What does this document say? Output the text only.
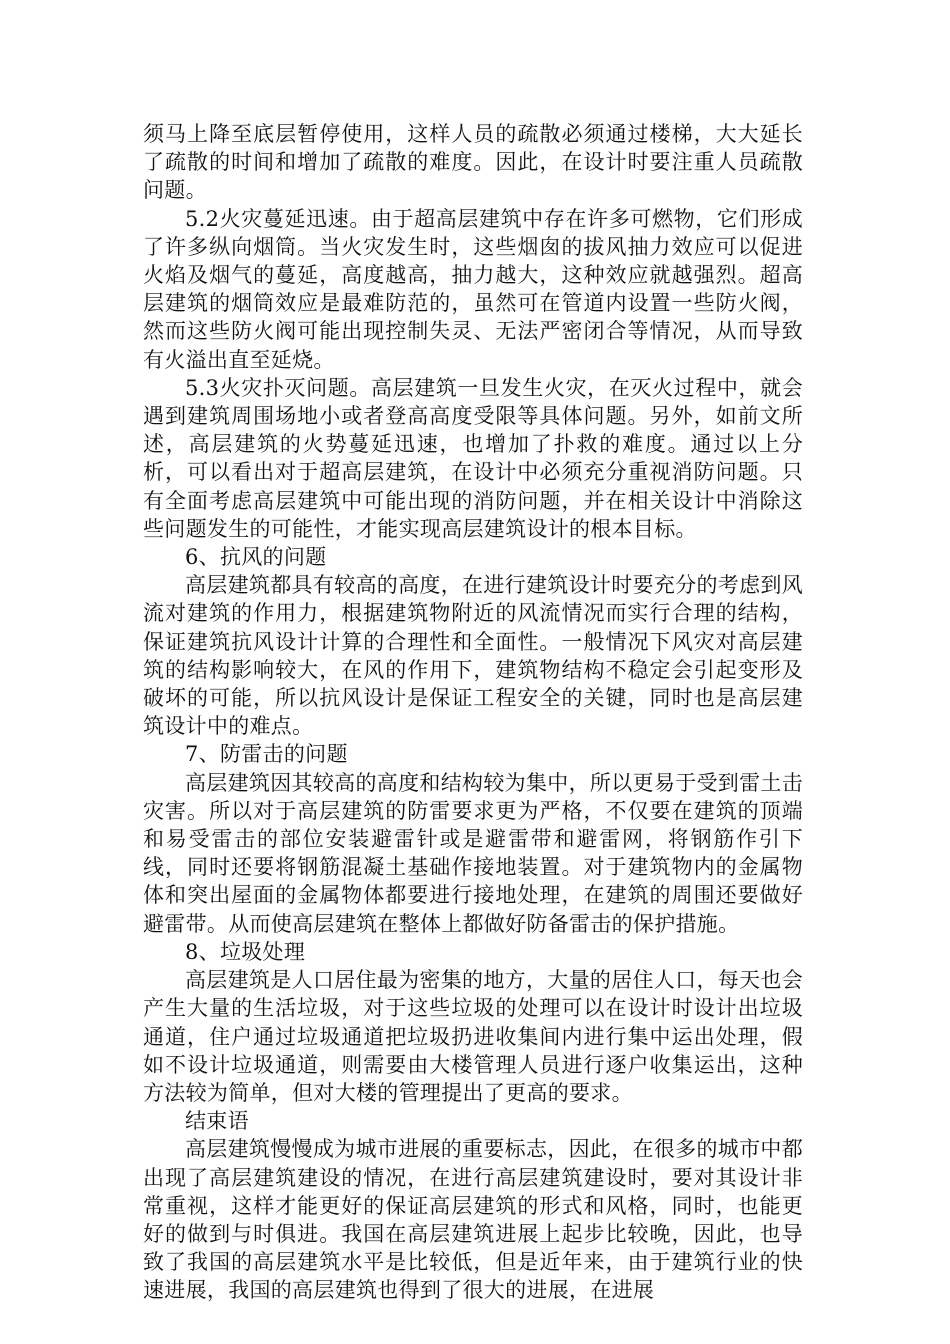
须马上降至底层暂停使用，这样人员的疏散必须通过楼梯，大大延长了疏散的时间和增加了疏散的难度。因此，在设计时要注重人员疏散问题。

5.2火灾蔓延迅速。由于超高层建筑中存在许多可燃物，它们形成了许多纵向烟筒。当火灾发生时，这些烟囱的拔风抽力效应可以促进火焰及烟气的蔓延，高度越高，抽力越大，这种效应就越强烈。超高层建筑的烟筒效应是最难防范的，虽然可在管道内设置一些防火阀，然而这些防火阀可能出现控制失灵、无法严密闭合等情况，从而导致有火溢出直至延烧。

5.3火灾扑灭问题。高层建筑一旦发生火灾，在灭火过程中，就会遇到建筑周围场地小或者登高高度受限等具体问题。另外，如前文所述，高层建筑的火势蔓延迅速，也增加了扑救的难度。通过以上分析，可以看出对于超高层建筑，在设计中必须充分重视消防问题。只有全面考虑高层建筑中可能出现的消防问题，并在相关设计中消除这些问题发生的可能性，才能实现高层建筑设计的根本目标。

6、抗风的问题

高层建筑都具有较高的高度，在进行建筑设计时要充分的考虑到风流对建筑的作用力，根据建筑物附近的风流情况而实行合理的结构，保证建筑抗风设计计算的合理性和全面性。一般情况下风灾对高层建筑的结构影响较大，在风的作用下，建筑物结构不稳定会引起变形及破坏的可能，所以抗风设计是保证工程安全的关键，同时也是高层建筑设计中的难点。

7、防雷击的问题

高层建筑因其较高的高度和结构较为集中，所以更易于受到雷土击灾害。所以对于高层建筑的防雷要求更为严格，不仅要在建筑的顶端和易受雷击的部位安装避雷针或是避雷带和避雷网，将钢筋作引下线，同时还要将钢筋混凝土基础作接地装置。对于建筑物内的金属物体和突出屋面的金属物体都要进行接地处理，在建筑的周围还要做好避雷带。从而使高层建筑在整体上都做好防备雷击的保护措施。

8、垃圾处理

高层建筑是人口居住最为密集的地方，大量的居住人口，每天也会产生大量的生活垃圾，对于这些垃圾的处理可以在设计时设计出垃圾通道，住户通过垃圾通道把垃圾扔进收集间内进行集中运出处理，假如不设计垃圾通道，则需要由大楼管理人员进行逐户收集运出，这种方法较为简单，但对大楼的管理提出了更高的要求。

结束语

高层建筑慢慢成为城市进展的重要标志，因此，在很多的城市中都出现了高层建筑建设的情况，在进行高层建筑建设时，要对其设计非常重视，这样才能更好的保证高层建筑的形式和风格，同时，也能更好的做到与时俱进。我国在高层建筑进展上起步比较晚，因此，也导致了我国的高层建筑水平是比较低，但是近年来，由于建筑行业的快速进展，我国的高层建筑也得到了很大的进展，在进展
